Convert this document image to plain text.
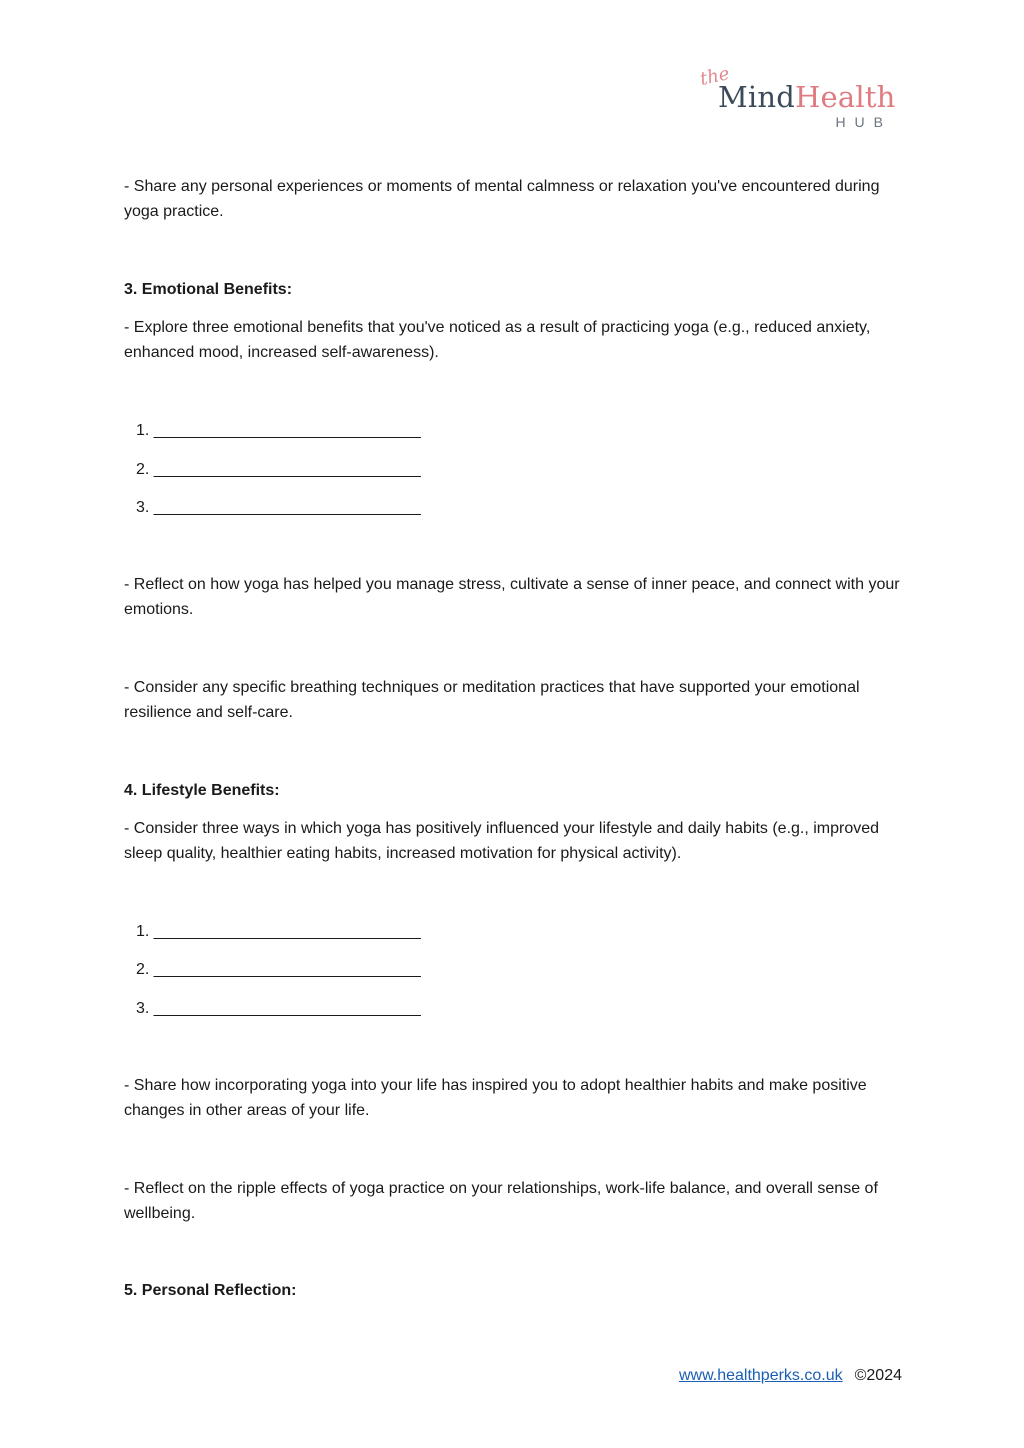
the
MindHealth
HUB

- Share any personal experiences or moments of mental calmness or relaxation you've encountered during yoga practice.

3. Emotional Benefits:

- Explore three emotional benefits that you've noticed as a result of practicing yoga (e.g., reduced anxiety, enhanced mood, increased self-awareness).

1. ______________________________
2. ______________________________
3. ______________________________

- Reflect on how yoga has helped you manage stress, cultivate a sense of inner peace, and connect with your emotions.

- Consider any specific breathing techniques or meditation practices that have supported your emotional resilience and self-care.

4. Lifestyle Benefits:

- Consider three ways in which yoga has positively influenced your lifestyle and daily habits (e.g., improved sleep quality, healthier eating habits, increased motivation for physical activity).

1. ______________________________
2. ______________________________
3. ______________________________

- Share how incorporating yoga into your life has inspired you to adopt healthier habits and make positive changes in other areas of your life.

- Reflect on the ripple effects of yoga practice on your relationships, work-life balance, and overall sense of wellbeing.

5. Personal Reflection:

www.healthperks.co.uk ©2024
